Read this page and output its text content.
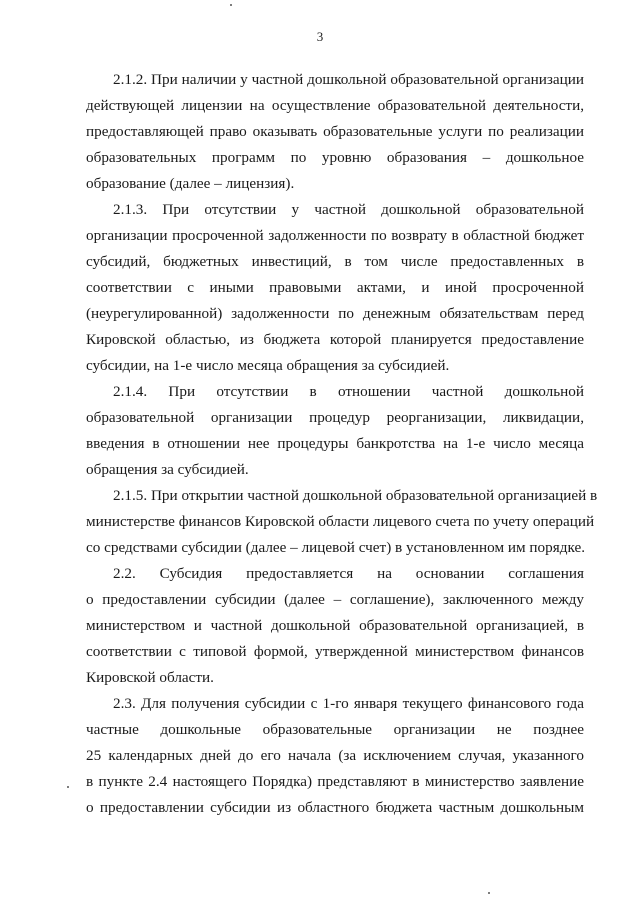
3
2.1.2. При наличии у частной дошкольной образовательной организации
действующей лицензии на осуществление образовательной деятельности,
предоставляющей право оказывать образовательные услуги по реализации
образовательных программ по уровню образования – дошкольное
образование (далее – лицензия).
2.1.3. При отсутствии у частной дошкольной образовательной
организации просроченной задолженности по возврату в областной бюджет
субсидий, бюджетных инвестиций, в том числе предоставленных в
соответствии с иными правовыми актами, и иной просроченной
(неурегулированной) задолженности по денежным обязательствам перед
Кировской областью, из бюджета которой планируется предоставление
субсидии, на 1-е число месяца обращения за субсидией.
2.1.4. При отсутствии в отношении частной дошкольной
образовательной организации процедур реорганизации, ликвидации,
введения в отношении нее процедуры банкротства на 1-е число месяца
обращения за субсидией.
2.1.5. При открытии частной дошкольной образовательной организацией в
министерстве финансов Кировской области лицевого счета по учету операций
со средствами субсидии (далее – лицевой счет) в установленном им порядке.
2.2. Субсидия предоставляется на основании соглашения
о предоставлении субсидии (далее – соглашение), заключенного между
министерством и частной дошкольной образовательной организацией, в
соответствии с типовой формой, утвержденной министерством финансов
Кировской области.
2.3. Для получения субсидии с 1-го января текущего финансового года
частные дошкольные образовательные организации не позднее
25 календарных дней до его начала (за исключением случая, указанного
в пункте 2.4 настоящего Порядка) представляют в министерство заявление
о предоставлении субсидии из областного бюджета частным дошкольным
